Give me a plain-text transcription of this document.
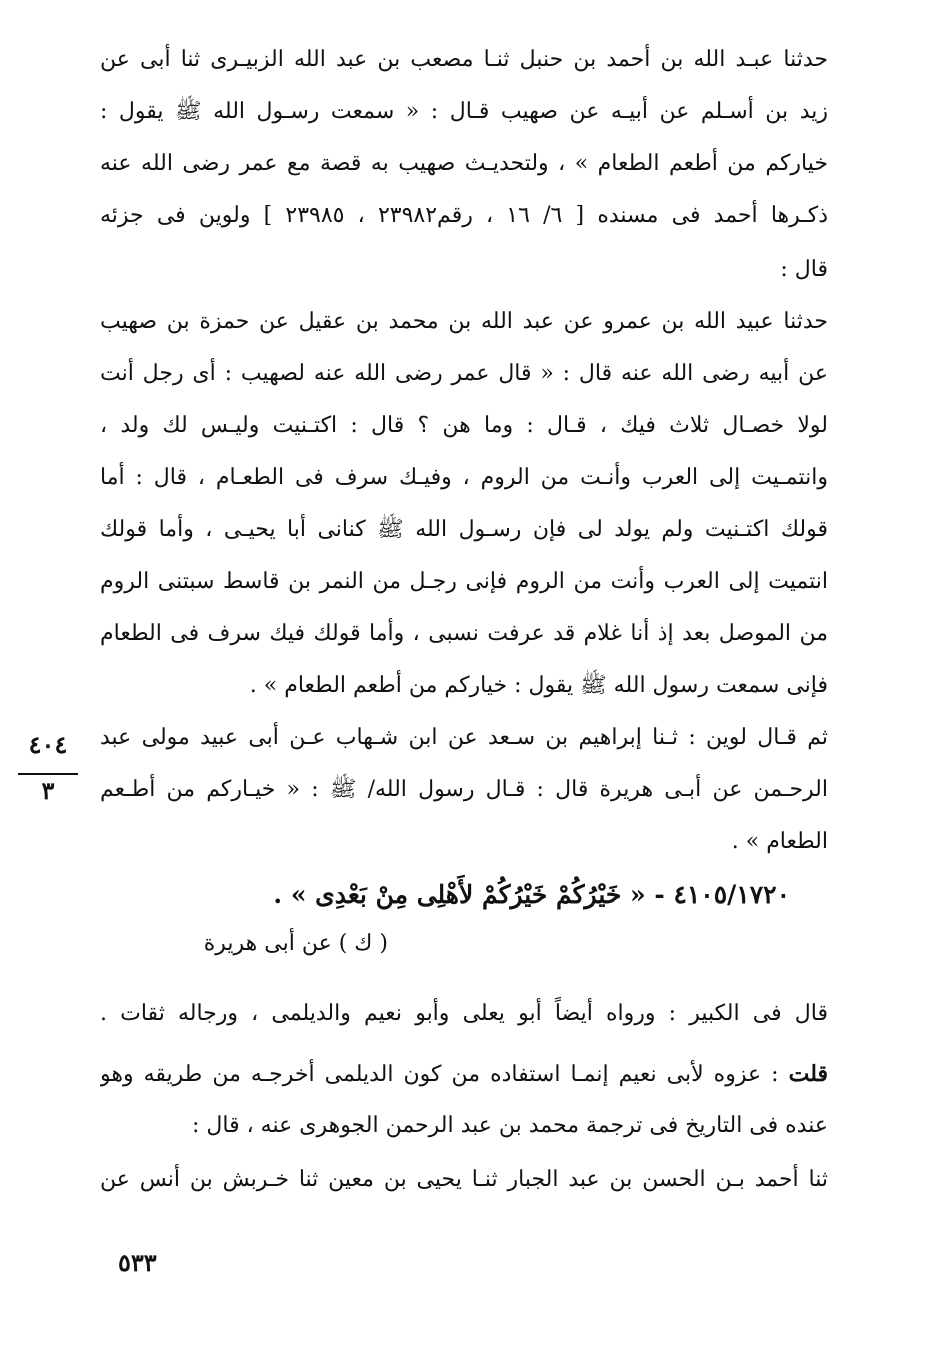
حدثنا عبـد الله بن أحمد بن حنبل ثنـا مصعب بن عبد الله الزبيـرى ثنا أبى عن
زيد بن أسـلم عن أبيـه عن صهيب قـال : « سمعت رسـول الله ﷺ يقول :
خياركم من أطعم الطعام » ، ولتحديـث صهيب به قصة مع عمر رضى الله عنه
ذكـرها أحمد فى مسنده [ ٦/ ١٦ ، رقم٢٣٩٨٢ ، ٢٣٩٨٥ ] ولوين فى جزئه
قال :
حدثنا عبيد الله بن عمرو عن عبد الله بن محمد بن عقيل عن حمزة بن صهيب
عن أبيه رضى الله عنه قال : « قال عمر رضى الله عنه لصهيب : أى رجل أنت
لولا خصـال ثلاث فيك ، قـال : وما هن ؟ قال : اكتـنيت وليـس لك ولد ،
وانتمـيت إلى العرب وأنـت من الروم ، وفيـك سرف فى الطعـام ، قال : أما
قولك اكتـنيت ولم يولد لى فإن رسـول الله ﷺ كنانى أبا يحيـى ، وأما قولك
انتميت إلى العرب وأنت من الروم فإنى رجـل من النمر بن قاسط سبتنى الروم
من الموصل بعد إذ أنا غلام قد عرفت نسبى ، وأما قولك فيك سرف فى الطعام
فإنى سمعت رسول الله ﷺ يقول : خياركم من أطعم الطعام » .
ثم قـال لوين : ثـنا إبراهيم بن سـعد عن ابن شـهاب عـن أبى عبيد مولى عبد
الرحـمن عن أبـى هريرة قال : قـال رسول الله/ ﷺ : « خيـاركم من أطـعم
الطعام » .
٤٠٤
٣
٤١٠٥/١٧٢٠ - « خَيْرُكُمْ خَيْرُكُمْ لأَهْلِى مِنْ بَعْدِى » .
( ك ) عن أبى هريرة
قال فى الكبير : ورواه أيضاً أبو يعلى وأبو نعيم والديلمى ، ورجاله ثقات .
قلت : عزوه لأبى نعيم إنمـا استفاده من كون الديلمى أخرجـه من طريقه وهو
عنده فى التاريخ فى ترجمة محمد بن عبد الرحمن الجوهرى عنه ، قال :
ثنا أحمد بـن الحسن بن عبد الجبار ثنـا يحيى بن معين ثنا خـربش بن أنس عن
٥٣٣
